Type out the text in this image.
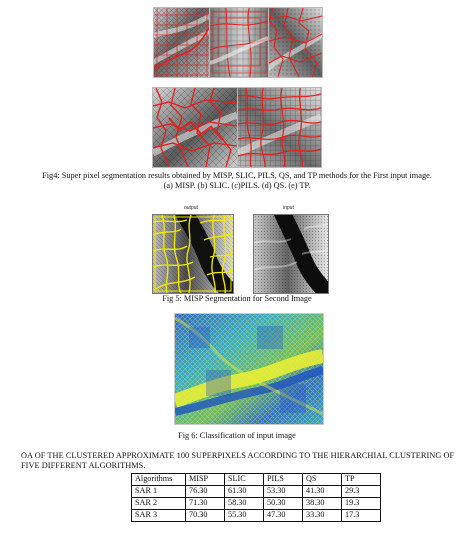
Fig4: Super pixel segmentation results obtained by MISP, SLIC, PILS, QS, and TP methods for the First input image. (a) MISP. (b) SLIC. (c)PILS. (d) QS. (e) TP.
output	input
Fig 5: MISP Segmentation for Second Image
Fig 6: Classification of input image
OA OF THE CLUSTERED APPROXIMATE 100 SUPERPIXELS ACCORDING TO THE HIERARCHIAL CLUSTERING OF FIVE DIFFERENT ALGORITHMS.
Algorithms	MISP	SLIC	PILS	QS	TP
SAR 1	76.30	61.30	53.30	41.30	29.3
SAR 2	71.30	58.30	50.30	38.30	19.3
SAR 3	70.30	55.30	47.30	33.30	17.3
